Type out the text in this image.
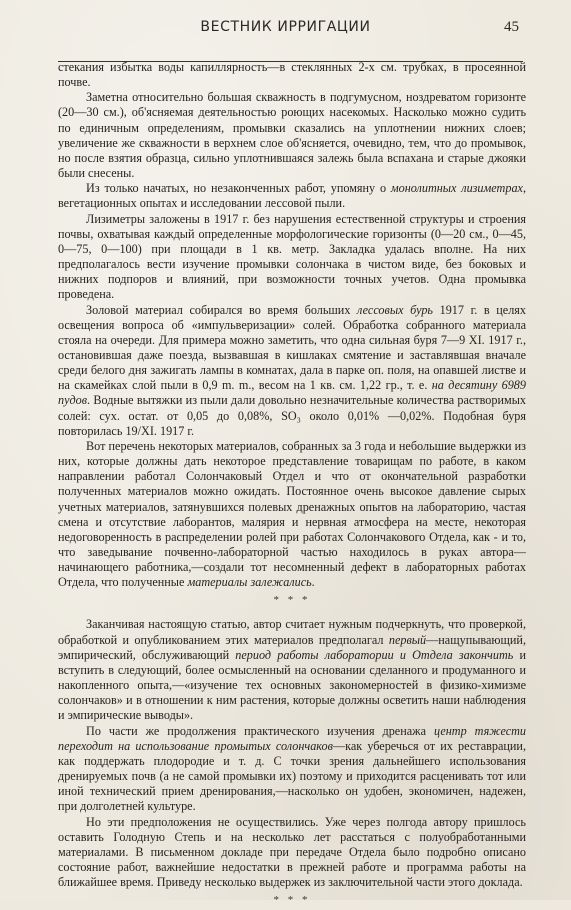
ВЕСТНИК ИРРИГАЦИИ	45

стекания избытка воды капиллярность—в стеклянных 2-х см. трубках, в просеянной почве.

Заметна относительно большая скважность в подгумусном, ноздреватом горизонте (20—30 см.), об'ясняемая деятельностью роющих насекомых. Насколько можно судить по единичным определениям, промывки сказались на уплотнении нижних слоев; увеличение же скважности в верхнем слое об'ясняется, очевидно, тем, что до промывок, но после взятия образца, сильно уплотнившаяся залежь была вспахана и старые джояки были снесены.

Из только начатых, но незаконченных работ, упомяну о монолитных лизиметрах, вегетационных опытах и исследовании лессовой пыли.

Лизиметры заложены в 1917 г. без нарушения естественной структуры и строения почвы, охватывая каждый определенные морфологические горизонты (0—20 см., 0—45, 0—75, 0—100) при площади в 1 кв. метр. Закладка удалась вполне. На них предполагалось вести изучение промывки солончака в чистом виде, без боковых и нижних подпоров и влияний, при возможности точных учетов. Одна промывка проведена.

Золовой материал собирался во время больших лессовых бурь 1917 г. в целях освещения вопроса об «импульверизации» солей. Обработка собранного материала стояла на очереди. Для примера можно заметить, что одна сильная буря 7—9 XI. 1917 г., остановившая даже поезда, вызвавшая в кишлаках смятение и заставлявшая вначале среди белого дня зажигать лампы в комнатах, дала в парке оп. поля, на опавшей листве и на скамейках слой пыли в 0,9 m. m., весом на 1 кв. см. 1,22 гр., т. е. на десятину 6989 пудов. Водные вытяжки из пыли дали довольно незначительные количества растворимых солей: сух. остат. от 0,05 до 0,08%, SO₃ около 0,01% —0,02%. Подобная буря повторилась 19/XI. 1917 г.

Вот перечень некоторых материалов, собранных за 3 года и небольшие выдержки из них, которые должны дать некоторое представление товарищам по работе, в каком направлении работал Солончаковый Отдел и что от окончательной разработки полученных материалов можно ожидать. Постоянное очень высокое давление сырых учетных материалов, затянувшихся полевых дренажных опытов на лабораторию, частая смена и отсутствие лаборантов, малярия и нервная атмосфера на месте, некоторая недоговоренность в распределении ролей при работах Солончакового Отдела, как - и то, что заведывание почвенно-лабораторной частью находилось в руках автора—начинающего работника,—создали тот несомненный дефект в лабораторных работах Отдела, что полученные материалы залежались.

* * *

Заканчивая настоящую статью, автор считает нужным подчеркнуть, что проверкой, обработкой и опубликованием этих материалов предполагал первый—нащупывающий, эмпирический, обслуживающий период работы лаборатории и Отдела закончить и вступить в следующий, более осмысленный на основании сделанного и продуманного и накопленного опыта,—«изучение тех основных закономерностей в физико-химизме солончаков» и в отношении к ним растения, которые должны осветить наши наблюдения и эмпирические выводы».

По части же продолжения практического изучения дренажа центр тяжести переходит на использование промытых солончаков—как уберечься от их реставрации, как поддержать плодородие и т. д. С точки зрения дальнейшего использования дренируемых почв (а не самой промывки их) поэтому и приходится расценивать тот или иной технический прием дренирования,—насколько он удобен, экономичен, надежен, при долголетней культуре.

Но эти предположения не осуществились. Уже через полгода автору пришлось оставить Голодную Степь и на несколько лет расстаться с полуобработанными материалами. В письменном докладе при передаче Отдела было подробно описано состояние работ, важнейшие недостатки в прежней работе и программа работы на ближайшее время. Приведу несколько выдержек из заключительной части этого доклада.

* * *
